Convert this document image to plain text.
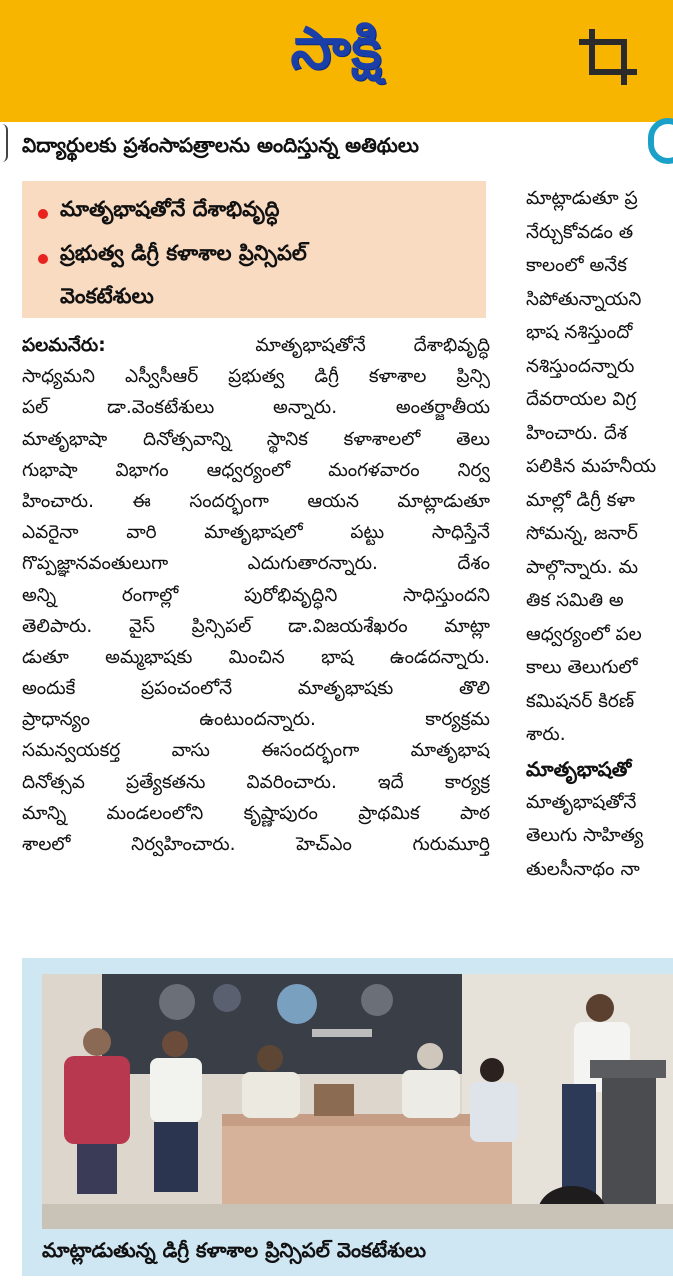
సాక్షి
విద్యార్థులకు ప్రశంసాపత్రాలను అందిస్తున్న అతిథులు
మాతృభాషతోనే దేశాభివృద్ధి
ప్రభుత్వ డిగ్రీ కళాశాల ప్రిన్సిపల్
వెంకటేశులు
పలమనేరు:	మాతృభాషతోనే దేశాభివృద్ధి
సాధ్యమని ఎస్వీసీఆర్ ప్రభుత్వ డిగ్రీ కళాశాల ప్రిన్సి
పల్ డా.వెంకటేశులు అన్నారు. అంతర్జాతీయ
మాతృభాషా దినోత్సవాన్ని స్థానిక కళాశాలలో తెలు
గుభాషా విభాగం ఆధ్వర్యంలో మంగళవారం నిర్వ
హించారు. ఈ సందర్భంగా ఆయన మాట్లాడుతూ
ఎవరైనా వారి మాతృభాషలో పట్టు సాధిస్తేనే
గొప్పజ్ఞానవంతులుగా ఎదుగుతారన్నారు. దేశం
అన్ని రంగాల్లో పురోభివృద్ధిని సాధిస్తుందని
తెలిపారు. వైస్ ప్రిన్సిపల్ డా.విజయశేఖరం మాట్లా
డుతూ అమ్మభాషకు మించిన భాష ఉండదన్నారు.
అందుకే ప్రపంచంలోనే మాతృభాషకు తొలి
ప్రాధాన్యం ఉంటుందన్నారు. కార్యక్రమ
సమన్వయకర్త వాసు ఈసందర్భంగా మాతృభాష
దినోత్సవ ప్రత్యేకతను వివరించారు. ఇదే కార్యక్ర
మాన్ని మండలంలోని కృష్ణాపురం ప్రాథమిక పాఠ
శాలలో నిర్వహించారు. హెచ్ఎం గురుమూర్తి
మాట్లాడుతూ ప్ర
నేర్చుకోవడం త
కాలంలో అనేక
సిపోతున్నాయని
భాష నశిస్తుందో
నశిస్తుందన్నారు
దేవరాయల విగ్ర
హించారు. దేశ
పలికిన మహనీయ
మాల్లో డిగ్రీ కళా
సోమన్న, జనార్
పాల్గొన్నారు. మ
తిక సమితి అ
ఆధ్వర్యంలో పల
కాలు తెలుగులో
కమిషనర్ కిరణ్
శారు.
మాతృభాషతో
మాతృభాషతోనే
తెలుగు సాహిత్య
తులసీనాథం నా
మాట్లాడుతున్న డిగ్రీ కళాశాల ప్రిన్సిపల్ వెంకటేశులు
